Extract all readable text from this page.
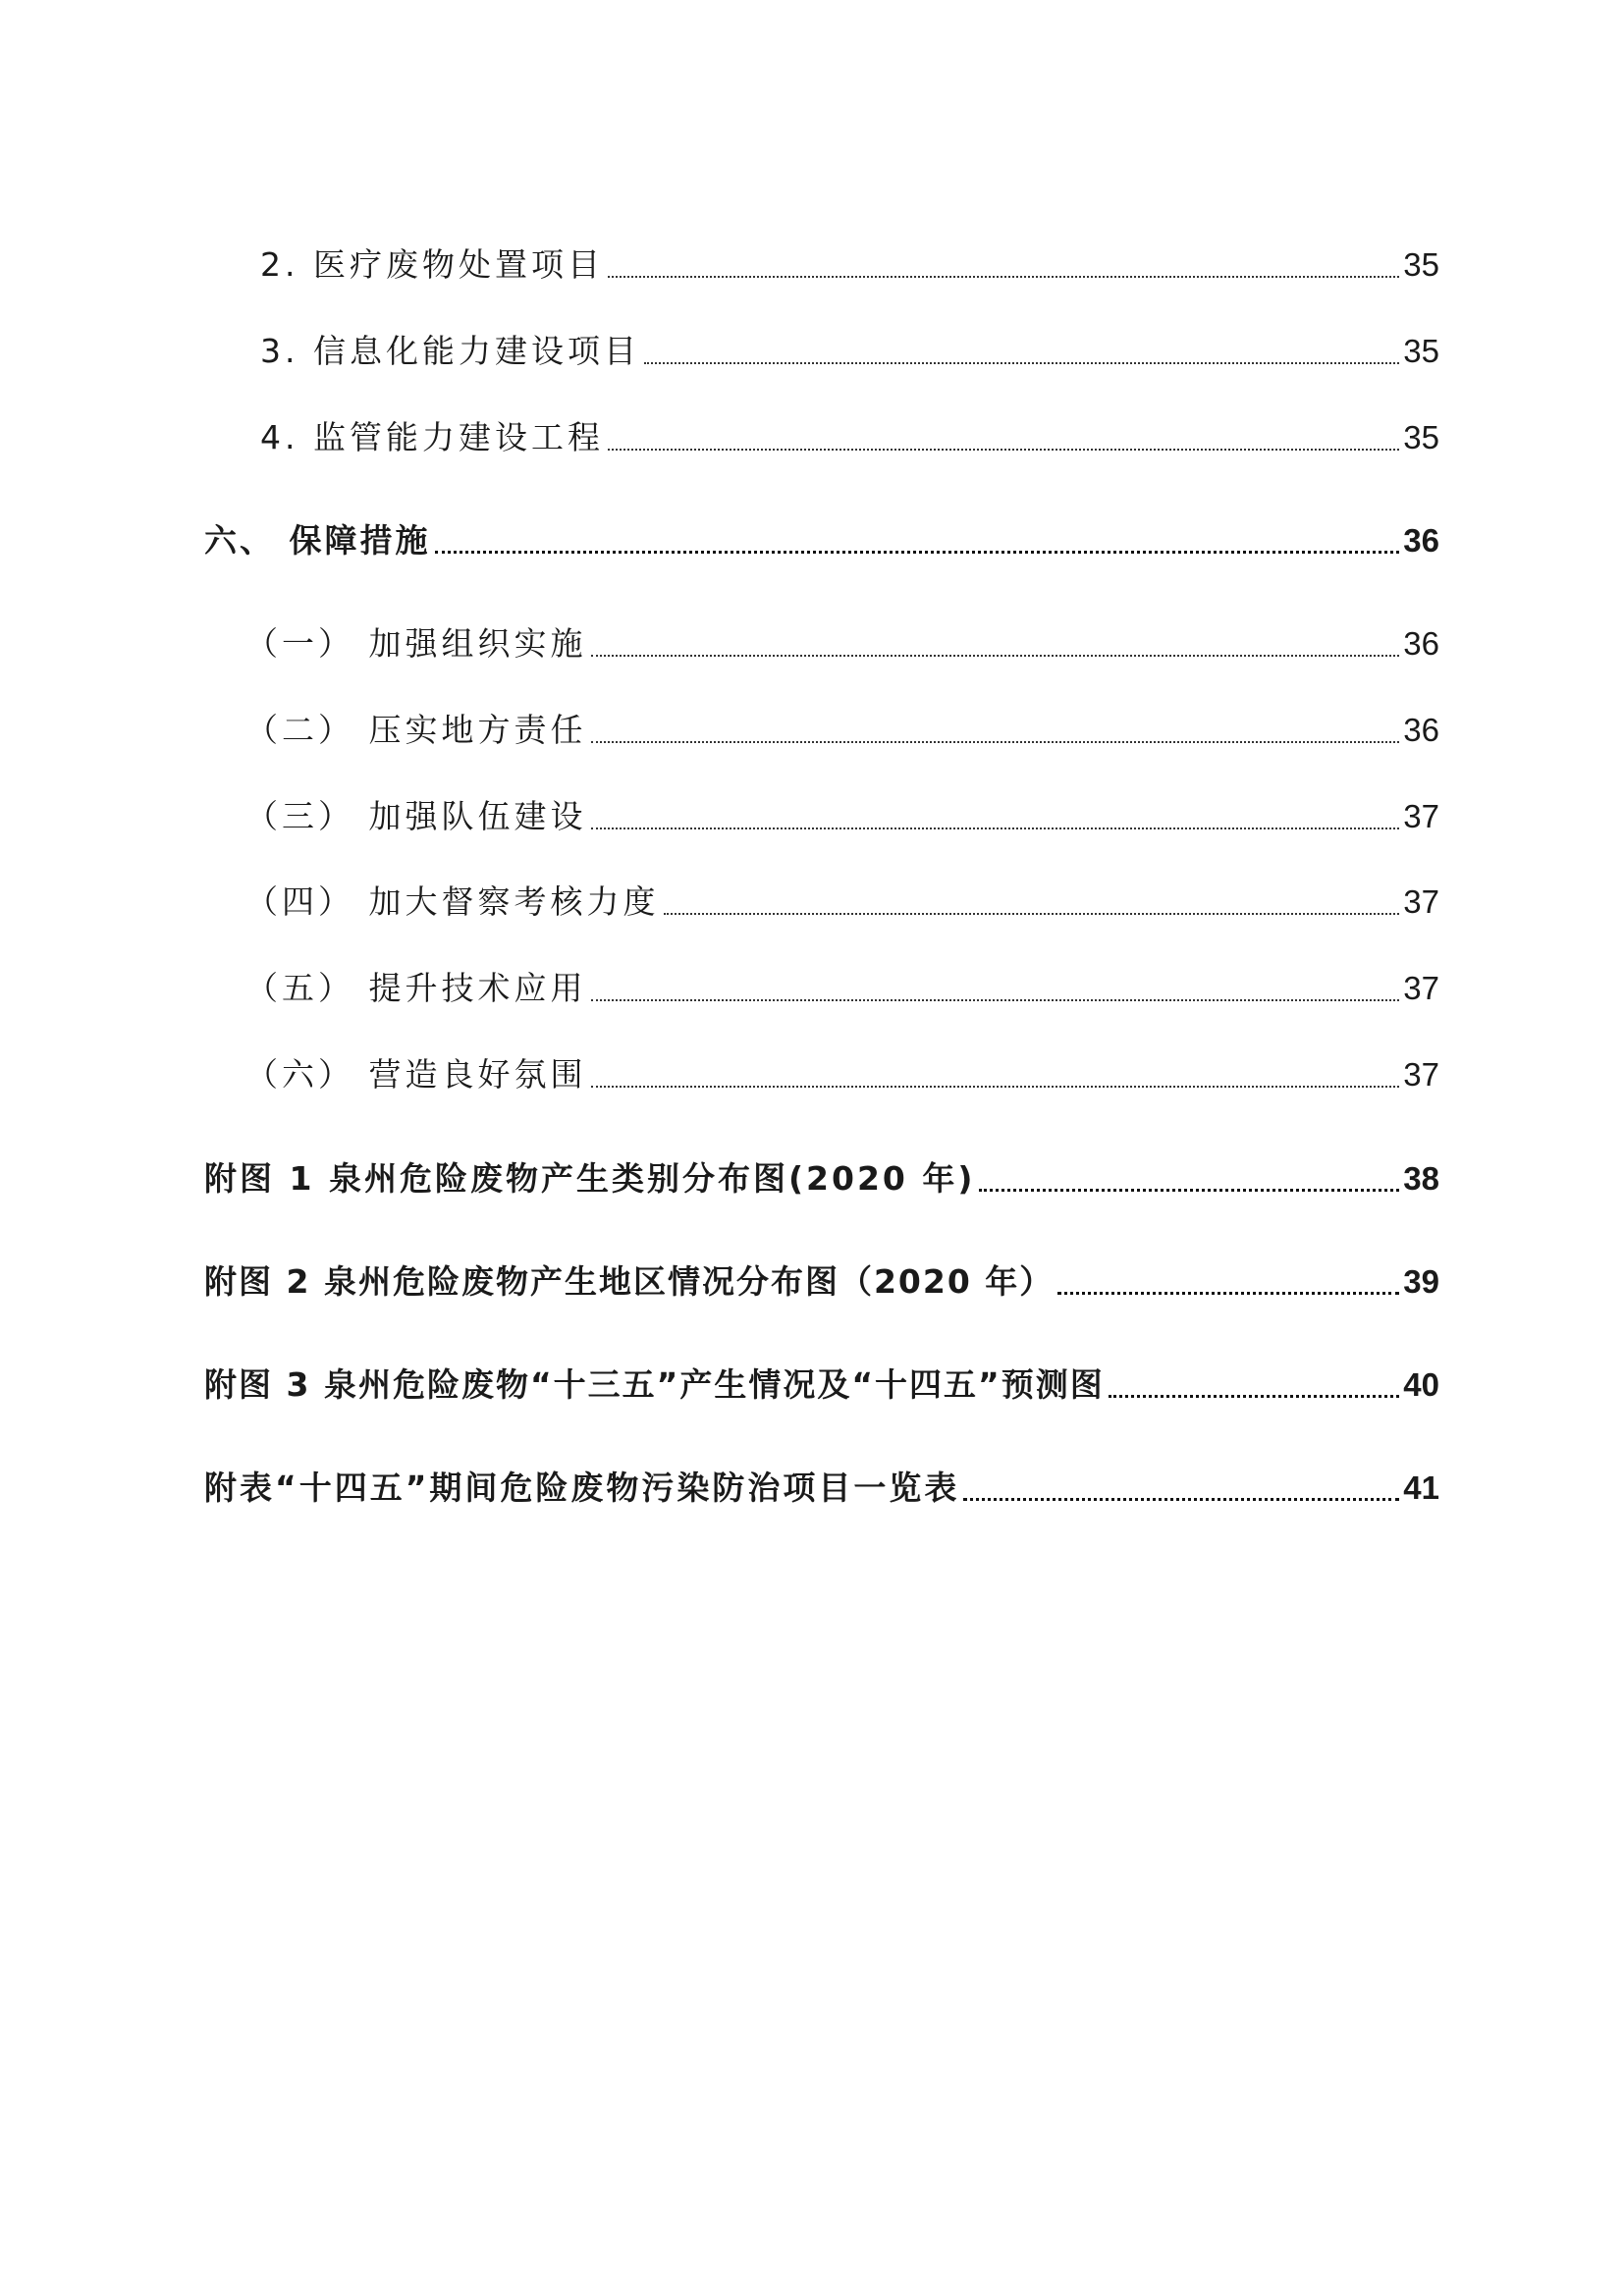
2. 医疗废物处置项目	35
3. 信息化能力建设项目	35
4. 监管能力建设工程	35
六、 保障措施	36
（一） 加强组织实施	36
（二） 压实地方责任	36
（三） 加强队伍建设	37
（四） 加大督察考核力度	37
（五） 提升技术应用	37
（六） 营造良好氛围	37
附图 1 泉州危险废物产生类别分布图(2020 年)	38
附图 2 泉州危险废物产生地区情况分布图（2020 年）	39
附图 3 泉州危险废物“十三五”产生情况及“十四五”预测图	40
附表“十四五”期间危险废物污染防治项目一览表	41
